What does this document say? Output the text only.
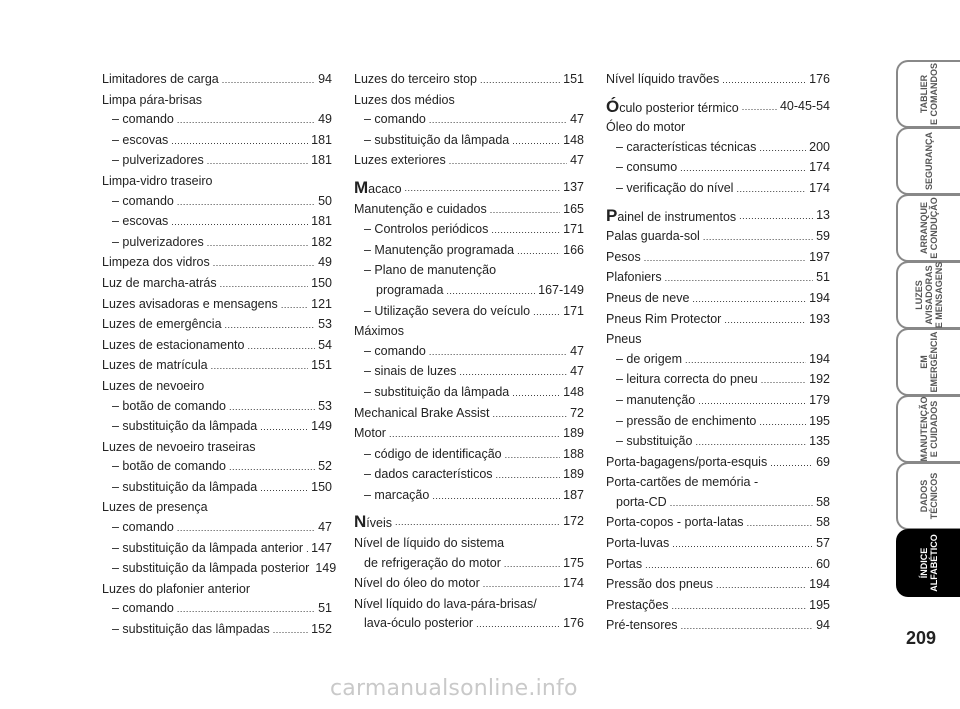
Limitadores de carga .....	94
Limpa pára-brisas
– comando .....	49
– escovas .....	181
– pulverizadores .....	181
Limpa-vidro traseiro
– comando .....	50
– escovas .....	181
– pulverizadores .....	182
Limpeza dos vidros .....	49
Luz de marcha-atrás .....	150
Luzes avisadoras e mensagens .....	121
Luzes de emergência .....	53
Luzes de estacionamento .....	54
Luzes de matrícula .....	151
Luzes de nevoeiro
– botão de comando .....	53
– substituição da lâmpada .....	149
Luzes de nevoeiro traseiras
– botão de comando .....	52
– substituição da lâmpada .....	150
Luzes de presença
– comando .....	47
– substituição da lâmpada anterior ..... 147
– substituição da lâmpada posterior 149
Luzes do plafonier anterior
– comando .....	51
– substituição das lâmpadas .....	152
Luzes do terceiro stop .....	151
Luzes dos médios
– comando .....	47
– substituição da lâmpada .....	148
Luzes exteriores .....	47
Macaco .....	137
Manutenção e cuidados .....	165
– Controlos periódicos .....	171
– Manutenção programada .....	166
– Plano de manutenção
programada .....	167-149
– Utilização severa do veículo .....	171
Máximos
– comando .....	47
– sinais de luzes .....	47
– substituição da lâmpada .....	148
Mechanical Brake Assist .....	72
Motor .....	189
– código de identificação .....	188
– dados característicos .....	189
– marcação .....	187
Níveis .....	172
Nível de líquido do sistema
de refrigeração do motor .....	175
Nível do óleo do motor .....	174
Nível líquido do lava-pára-brisas/
lava-óculo posterior .....	176
Nível líquido travões .....	176
Óculo posterior térmico .....	40-45-54
Óleo do motor
– características técnicas .....	200
– consumo .....	174
– verificação do nível .....	174
Painel de instrumentos .....	13
Palas guarda-sol .....	59
Pesos .....	197
Plafoniers .....	51
Pneus de neve .....	194
Pneus Rim Protector .....	193
Pneus
– de origem .....	194
– leitura correcta do pneu .....	192
– manutenção .....	179
– pressão de enchimento .....	195
– substituição .....	135
Porta-bagagens/porta-esquis .....	69
Porta-cartões de memória -
porta-CD .....	58
Porta-copos - porta-latas .....	58
Porta-luvas .....	57
Portas .....	60
Pressão dos pneus .....	194
Prestações .....	195
Pré-tensores .....	94
TABLIER
E COMANDOS
SEGURANÇA
ARRANQUE
E CONDUÇÃO
LUZES
AVISADORAS
E MENSAGENS
EM
EMERGÊNCIA
MANUTENÇÃO
E CUIDADOS
DADOS
TÉCNICOS
ÍNDICE
ALFABÉTICO
209
carmanualsonline.info
